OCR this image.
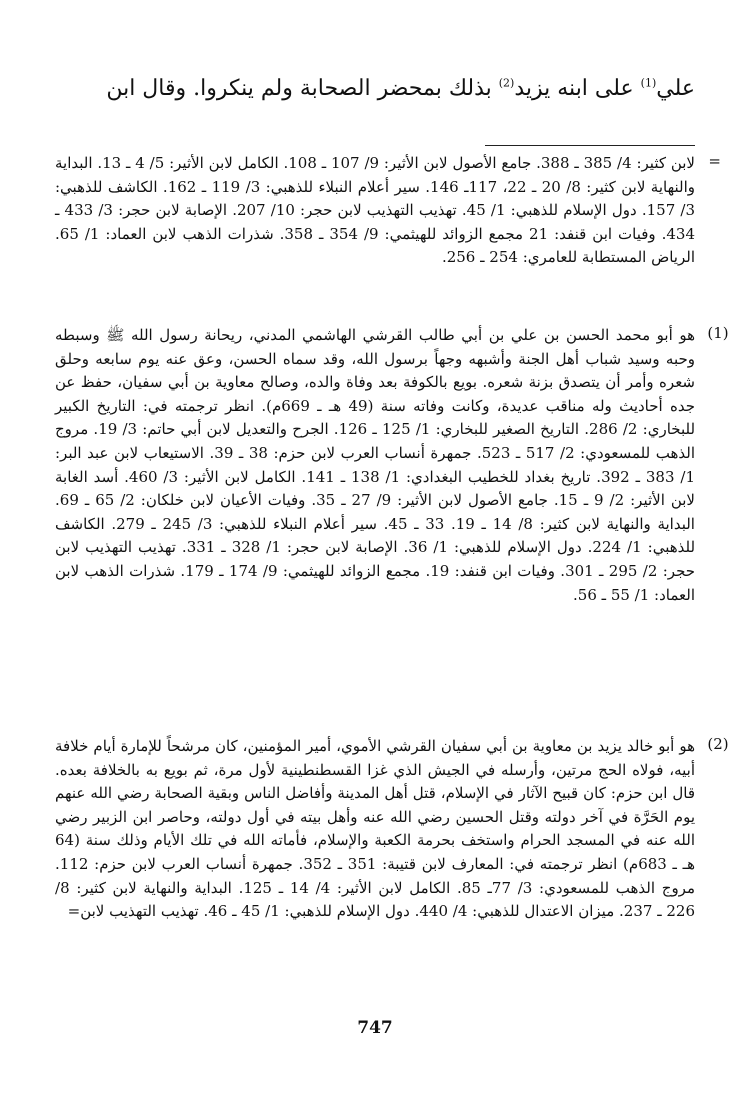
علي$^{(1)}$ على ابنه يزيد$^{(2)}$ بذلك بمحضر الصحابة ولم ينكروا. وقال ابن
=
لابن كثير: 4/ 385 ـ 388. جامع الأصول لابن الأثير: 9/ 107 ـ 108. الكامل لابن الأثير: 5/ 4 ـ 13. البداية والنهاية لابن كثير: 8/ 20 ـ 22، 117ـ 146. سير أعلام النبلاء للذهبي: 3/ 119 ـ 162. الكاشف للذهبي: 3/ 157. دول الإسلام للذهبي: 1/ 45. تهذيب التهذيب لابن حجر: 10/ 207. الإصابة لابن حجر: 3/ 433 ـ 434. وفيات ابن قنفد: 21 مجمع الزوائد للهيثمي: 9/ 354 ـ 358. شذرات الذهب لابن العماد: 1/ 65. الرياض المستطابة للعامري: 254 ـ 256.
(1)
هو أبو محمد الحسن بن علي بن أبي طالب القرشي الهاشمي المدني، ريحانة رسول الله ﷺ وسبطه وحبه وسيد شباب أهل الجنة وأشبهه وجهاً برسول الله، وقد سماه الحسن، وعق عنه يوم سابعه وحلق شعره وأمر أن يتصدق بزنة شعره. بويع بالكوفة بعد وفاة والده، وصالح معاوية بن أبي سفيان، حفظ عن جده أحاديث وله مناقب عديدة، وكانت وفاته سنة (49 هـ ـ 669م). انظر ترجمته في: التاريخ الكبير للبخاري: 2/ 286. التاريخ الصغير للبخاري: 1/ 125 ـ 126. الجرح والتعديل لابن أبي حاتم: 3/ 19. مروج الذهب للمسعودي: 2/ 517 ـ 523. جمهرة أنساب العرب لابن حزم: 38 ـ 39. الاستيعاب لابن عبد البر: 1/ 383 ـ 392. تاريخ بغداد للخطيب البغدادي: 1/ 138 ـ 141. الكامل لابن الأثير: 3/ 460. أسد الغابة لابن الأثير: 2/ 9 ـ 15. جامع الأصول لابن الأثير: 9/ 27 ـ 35. وفيات الأعيان لابن خلكان: 2/ 65 ـ 69. البداية والنهاية لابن كثير: 8/ 14 ـ 19. 33 ـ 45. سير أعلام النبلاء للذهبي: 3/ 245 ـ 279. الكاشف للذهبي: 1/ 224. دول الإسلام للذهبي: 1/ 36. الإصابة لابن حجر: 1/ 328 ـ 331. تهذيب التهذيب لابن حجر: 2/ 295 ـ 301. وفيات ابن قنفد: 19. مجمع الزوائد للهيثمي: 9/ 174 ـ 179. شذرات الذهب لابن العماد: 1/ 55 ـ 56.
(2)
هو أبو خالد يزيد بن معاوية بن أبي سفيان القرشي الأموي، أمير المؤمنين، كان مرشحاً للإمارة أيام خلافة أبيه، فولاه الحج مرتين، وأرسله في الجيش الذي غزا القسطنطينية لأول مرة، ثم بويع به بالخلافة بعده. قال ابن حزم: كان قبيح الآثار في الإسلام، قتل أهل المدينة وأفاضل الناس وبقية الصحابة رضي الله عنهم يوم الحَرَّة في آخر دولته وقتل الحسين رضي الله عنه وأهل بيته في أول دولته، وحاصر ابن الزبير رضي الله عنه في المسجد الحرام واستخف بحرمة الكعبة والإسلام، فأماته الله في تلك الأيام وذلك سنة (64 هـ ـ 683م) انظر ترجمته في: المعارف لابن قتيبة: 351 ـ 352. جمهرة أنساب العرب لابن حزم: 112. مروج الذهب للمسعودي: 3/ 77ـ 85. الكامل لابن الأثير: 4/ 14 ـ 125. البداية والنهاية لابن كثير: 8/ 226 ـ 237. ميزان الاعتدال للذهبي: 4/ 440. دول الإسلام للذهبي: 1/ 45 ـ 46. تهذيب التهذيب لابن=
747
